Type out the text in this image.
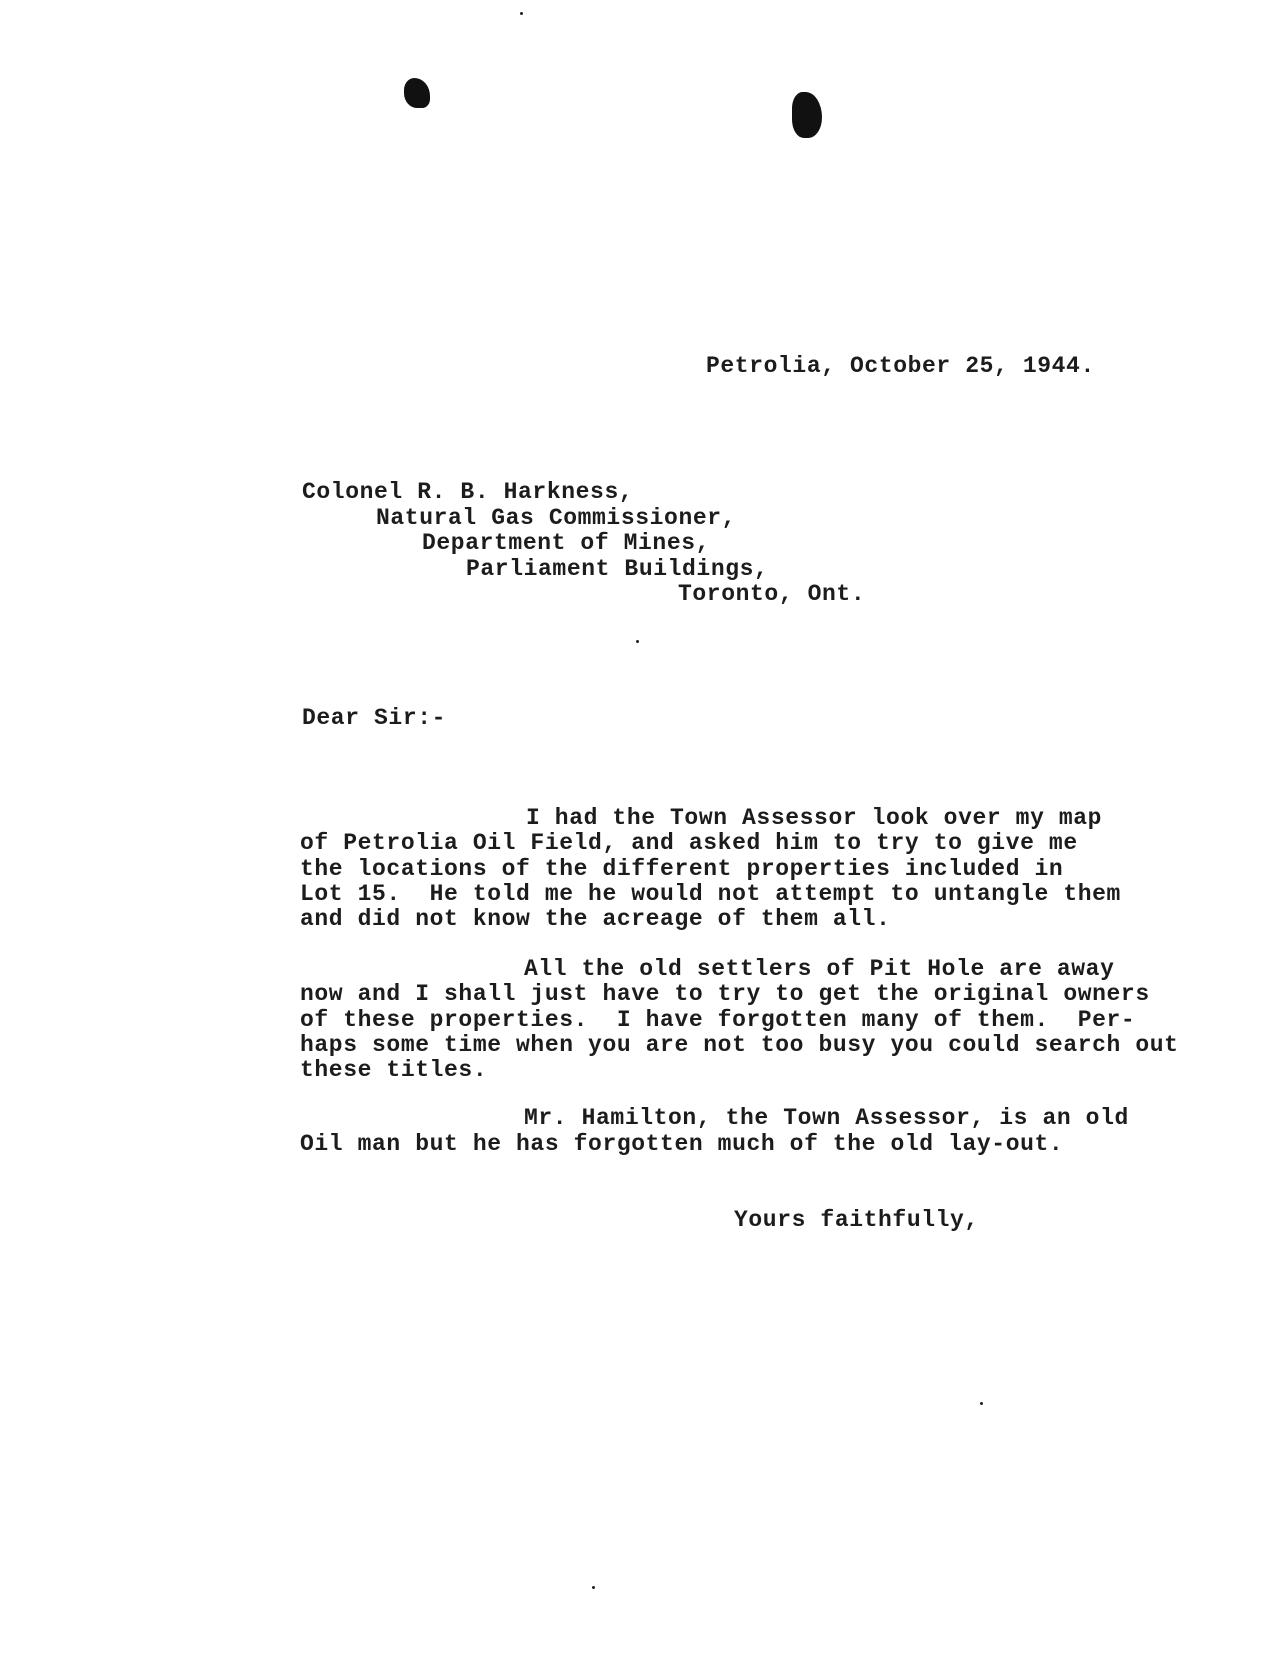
Petrolia, October 25, 1944.
Colonel R. B. Harkness,
Natural Gas Commissioner,
Department of Mines,
Parliament Buildings,
Toronto, Ont.
Dear Sir:-
I had the Town Assessor look over my map
of Petrolia Oil Field, and asked him to try to give me
the locations of the different properties included in
Lot 15.  He told me he would not attempt to untangle them
and did not know the acreage of them all.
All the old settlers of Pit Hole are away
now and I shall just have to try to get the original owners
of these properties.  I have forgotten many of them.  Per-
haps some time when you are not too busy you could search out
these titles.
Mr. Hamilton, the Town Assessor, is an old
Oil man but he has forgotten much of the old lay-out.
Yours faithfully,
